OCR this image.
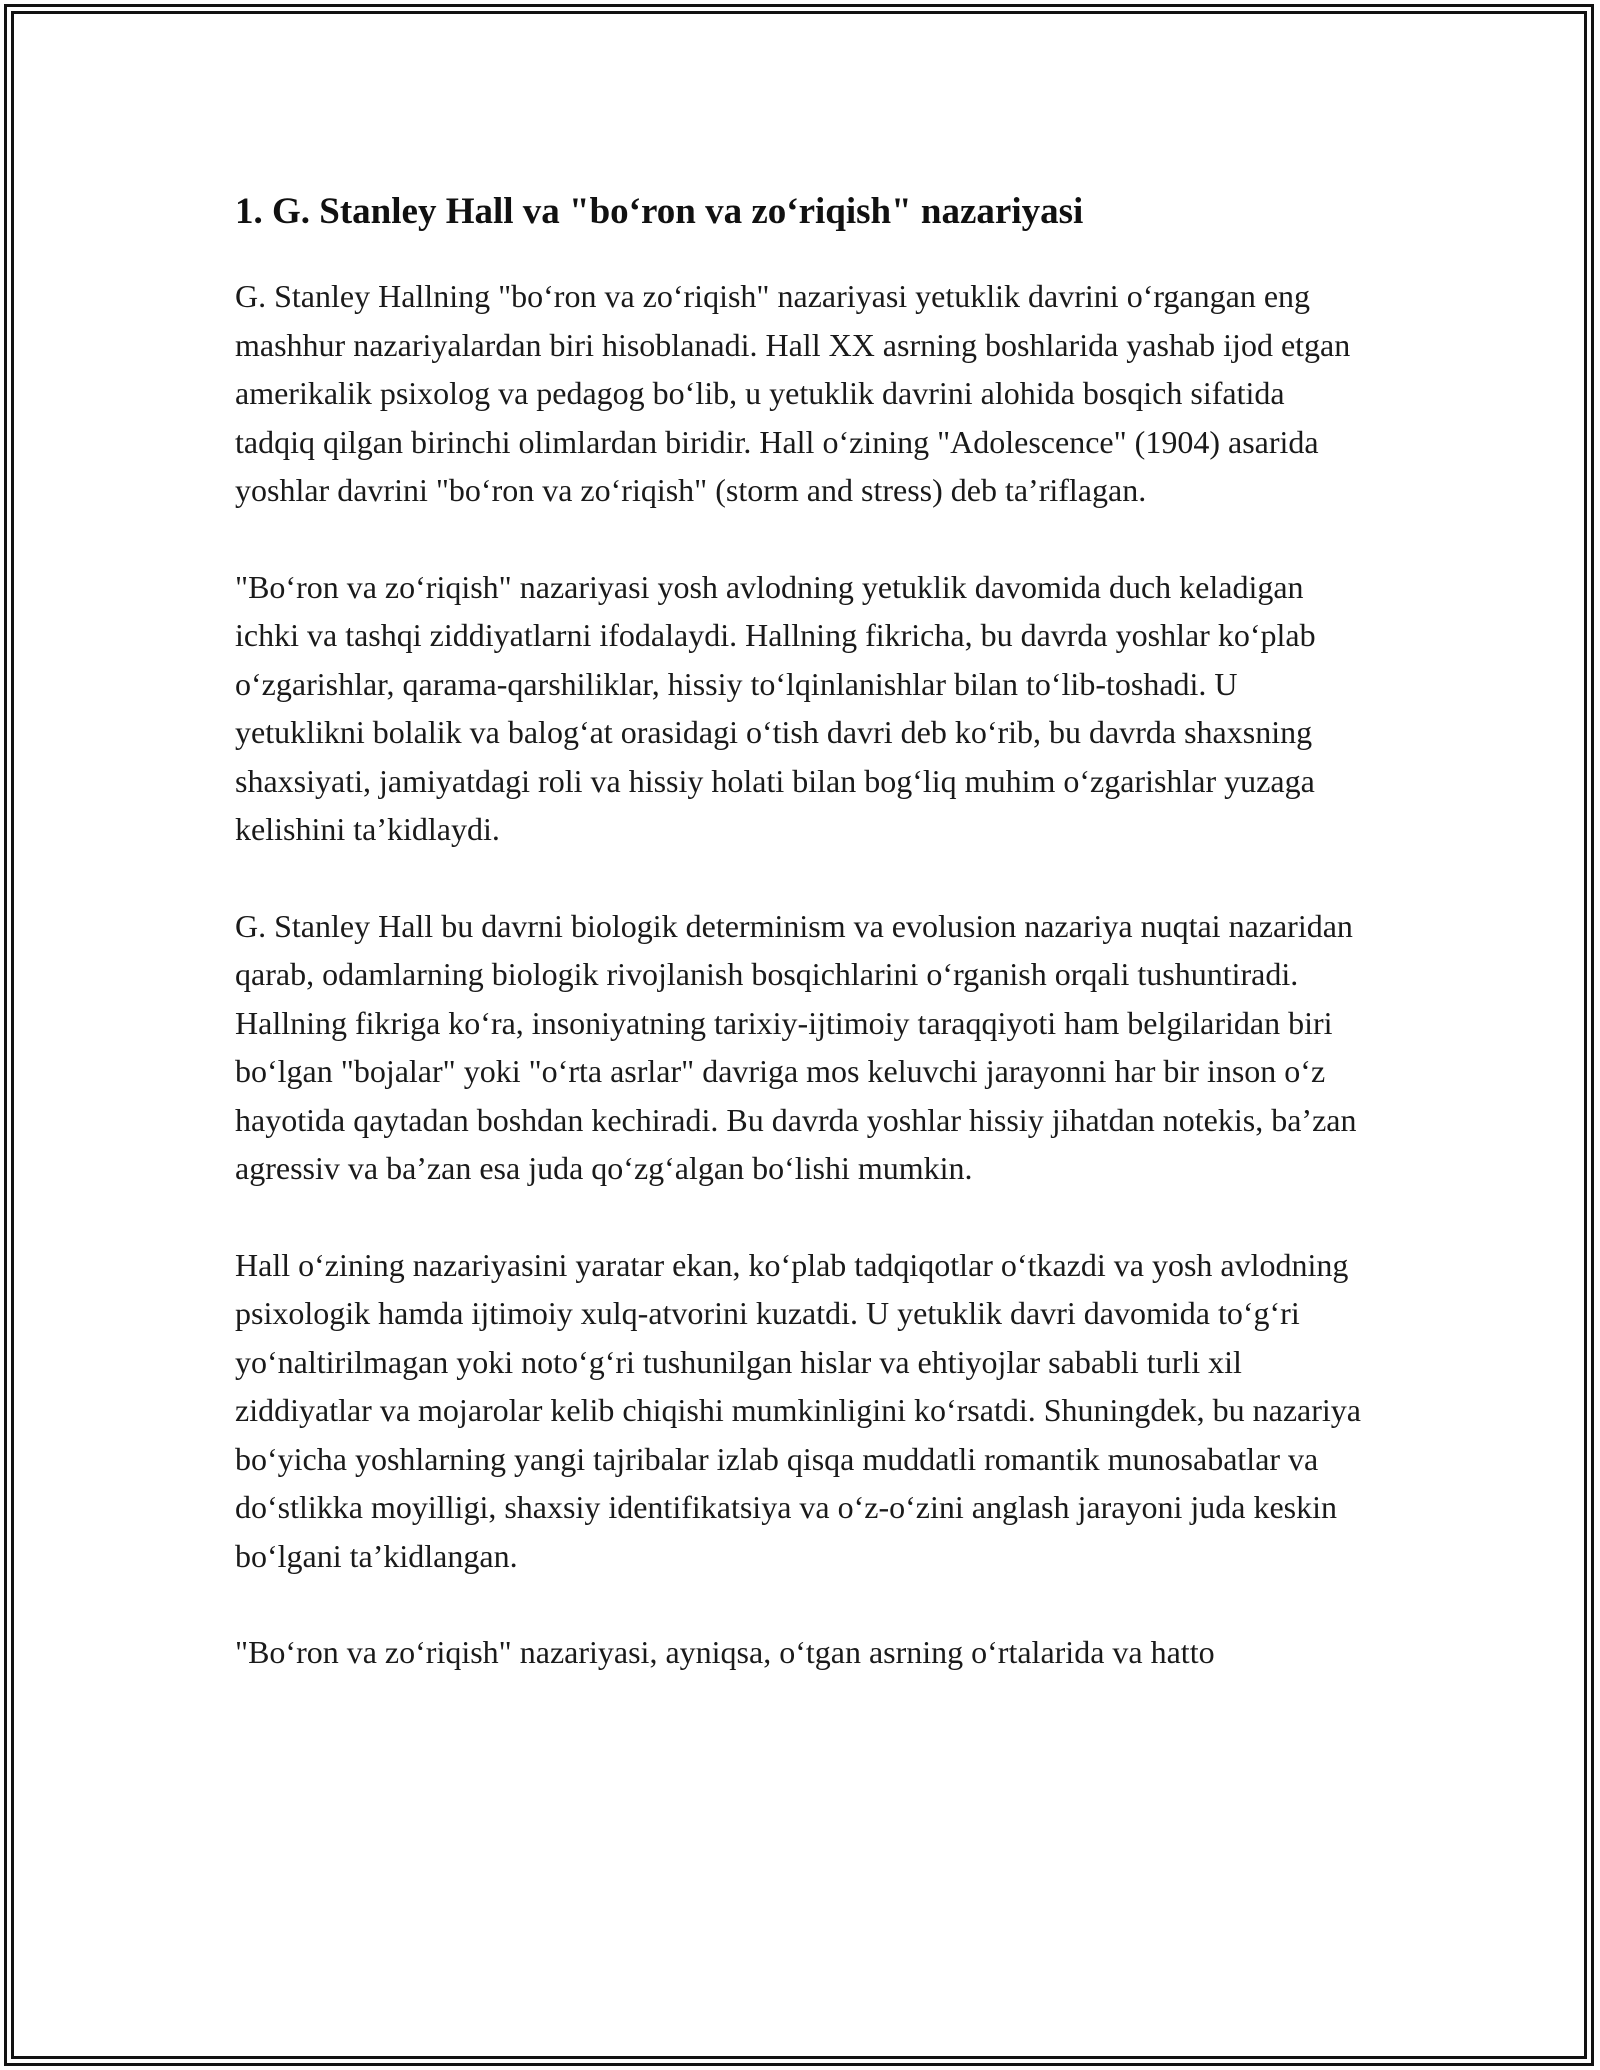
1. G. Stanley Hall va "bo‘ron va zo‘riqish" nazariyasi

G. Stanley Hallning "bo‘ron va zo‘riqish" nazariyasi yetuklik davrini o‘rgangan eng mashhur nazariyalardan biri hisoblanadi. Hall XX asrning boshlarida yashab ijod etgan amerikalik psixolog va pedagog bo‘lib, u yetuklik davrini alohida bosqich sifatida tadqiq qilgan birinchi olimlardan biridir. Hall o‘zining "Adolescence" (1904) asarida yoshlar davrini "bo‘ron va zo‘riqish" (storm and stress) deb ta’riflagan.

"Bo‘ron va zo‘riqish" nazariyasi yosh avlodning yetuklik davomida duch keladigan ichki va tashqi ziddiyatlarni ifodalaydi. Hallning fikricha, bu davrda yoshlar ko‘plab o‘zgarishlar, qarama-qarshiliklar, hissiy to‘lqinlanishlar bilan to‘lib-toshadi. U yetuklikni bolalik va balog‘at orasidagi o‘tish davri deb ko‘rib, bu davrda shaxsning shaxsiyati, jamiyatdagi roli va hissiy holati bilan bog‘liq muhim o‘zgarishlar yuzaga kelishini ta’kidlaydi.

G. Stanley Hall bu davrni biologik determinism va evolusion nazariya nuqtai nazaridan qarab, odamlarning biologik rivojlanish bosqichlarini o‘rganish orqali tushuntiradi. Hallning fikriga ko‘ra, insoniyatning tarixiy-ijtimoiy taraqqiyoti ham belgilaridan biri bo‘lgan "bojalar" yoki "o‘rta asrlar" davriga mos keluvchi jarayonni har bir inson o‘z hayotida qaytadan boshdan kechiradi. Bu davrda yoshlar hissiy jihatdan notekis, ba’zan agressiv va ba’zan esa juda qo‘zg‘algan bo‘lishi mumkin.

Hall o‘zining nazariyasini yaratar ekan, ko‘plab tadqiqotlar o‘tkazdi va yosh avlodning psixologik hamda ijtimoiy xulq-atvorini kuzatdi. U yetuklik davri davomida to‘g‘ri yo‘naltirilmagan yoki noto‘g‘ri tushunilgan hislar va ehtiyojlar sababli turli xil ziddiyatlar va mojarolar kelib chiqishi mumkinligini ko‘rsatdi. Shuningdek, bu nazariya bo‘yicha yoshlarning yangi tajribalar izlab qisqa muddatli romantik munosabatlar va do‘stlikka moyilligi, shaxsiy identifikatsiya va o‘z-o‘zini anglash jarayoni juda keskin bo‘lgani ta’kidlangan.

"Bo‘ron va zo‘riqish" nazariyasi, ayniqsa, o‘tgan asrning o‘rtalarida va hatto
